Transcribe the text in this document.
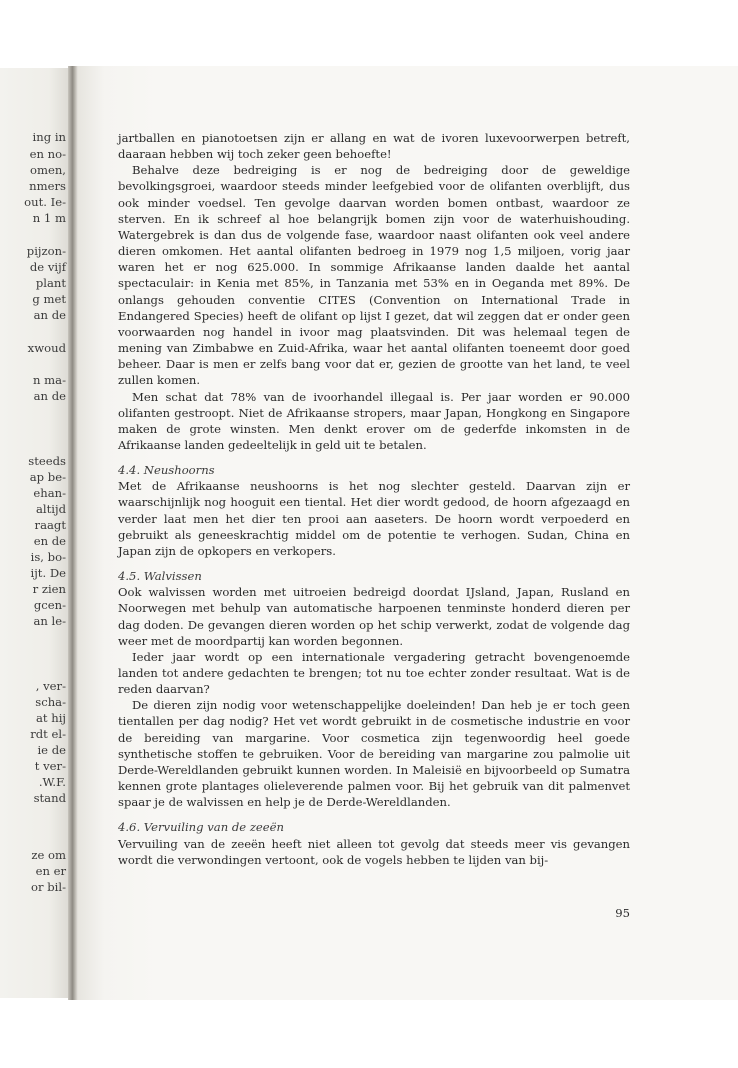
ing in
en no-
omen,
nmers
out. Ie-
n 1 m
pijzon-
de vijf
plant
g met
an de
xwoud
n ma-
an de
steeds
ap be-
ehan-
altijd
raagt
en de
is, bo-
ijt. De
r zien
gcen-
an le-
, ver-
scha-
at hij
rdt el-
ie de
t ver-
.W.F.
stand
ze om
en er
or bil-

jartballen en pianotoetsen zijn er allang en wat de ivoren luxevoorwerpen betreft, daaraan hebben wij toch zeker geen behoefte!

Behalve deze bedreiging is er nog de bedreiging door de geweldige bevolkingsgroei, waardoor steeds minder leefgebied voor de olifanten overblijft, dus ook minder voedsel. Ten gevolge daarvan worden bomen ontbast, waardoor ze sterven. En ik schreef al hoe belangrijk bomen zijn voor de waterhuishouding. Watergebrek is dan dus de volgende fase, waardoor naast olifanten ook veel andere dieren omkomen. Het aantal olifanten bedroeg in 1979 nog 1,5 miljoen, vorig jaar waren het er nog 625.000. In sommige Afrikaanse landen daalde het aantal spectaculair: in Kenia met 85%, in Tanzania met 53% en in Oeganda met 89%. De onlangs gehouden conventie CITES (Convention on International Trade in Endangered Species) heeft de olifant op lijst I gezet, dat wil zeggen dat er onder geen voorwaarden nog handel in ivoor mag plaatsvinden. Dit was helemaal tegen de mening van Zimbabwe en Zuid-Afrika, waar het aantal olifanten toeneemt door goed beheer. Daar is men er zelfs bang voor dat er, gezien de grootte van het land, te veel zullen komen.

Men schat dat 78% van de ivoorhandel illegaal is. Per jaar worden er 90.000 olifanten gestroopt. Niet de Afrikaanse stropers, maar Japan, Hongkong en Singapore maken de grote winsten. Men denkt erover om de gederfde inkomsten in de Afrikaanse landen gedeeltelijk in geld uit te betalen.

4.4. Neushoorns

Met de Afrikaanse neushoorns is het nog slechter gesteld. Daarvan zijn er waarschijnlijk nog hooguit een tiental. Het dier wordt gedood, de hoorn afgezaagd en verder laat men het dier ten prooi aan aaseters. De hoorn wordt verpoederd en gebruikt als geneeskrachtig middel om de potentie te verhogen. Sudan, China en Japan zijn de opkopers en verkopers.

4.5. Walvissen

Ook walvissen worden met uitroeien bedreigd doordat IJsland, Japan, Rusland en Noorwegen met behulp van automatische harpoenen tenminste honderd dieren per dag doden. De gevangen dieren worden op het schip verwerkt, zodat de volgende dag weer met de moordpartij kan worden begonnen.

Ieder jaar wordt op een internationale vergadering getracht bovengenoemde landen tot andere gedachten te brengen; tot nu toe echter zonder resultaat. Wat is de reden daarvan?

De dieren zijn nodig voor wetenschappelijke doeleinden! Dan heb je er toch geen tientallen per dag nodig? Het vet wordt gebruikt in de cosmetische industrie en voor de bereiding van margarine. Voor cosmetica zijn tegenwoordig heel goede synthetische stoffen te gebruiken. Voor de bereiding van margarine zou palmolie uit Derde-Wereldlanden gebruikt kunnen worden. In Maleisië en bijvoorbeeld op Sumatra kennen grote plantages olieleverende palmen voor. Bij het gebruik van dit palmenvet spaar je de walvissen en help je de Derde-Wereldlanden.

4.6. Vervuiling van de zeeën

Vervuiling van de zeeën heeft niet alleen tot gevolg dat steeds meer vis gevangen wordt die verwondingen vertoont, ook de vogels hebben te lijden van bij-

95
